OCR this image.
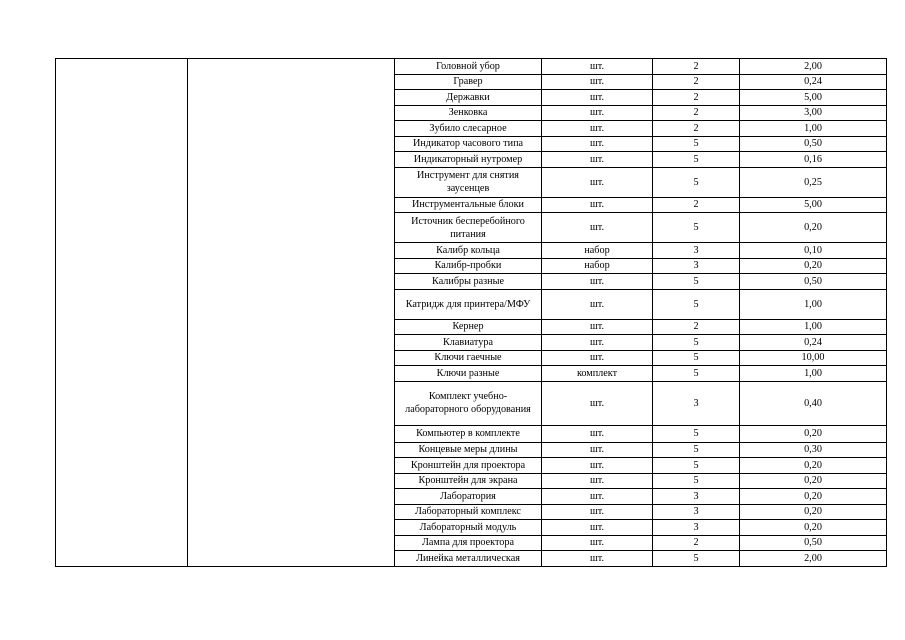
		Головной убор	шт.	2	2,00
		Гравер	шт.	2	0,24
		Державки	шт.	2	5,00
		Зенковка	шт.	2	3,00
		Зубило слесарное	шт.	2	1,00
		Индикатор часового типа	шт.	5	0,50
		Индикаторный нутромер	шт.	5	0,16
		Инструмент для снятия заусенцев	шт.	5	0,25
		Инструментальные блоки	шт.	2	5,00
		Источник бесперебойного питания	шт.	5	0,20
		Калибр кольца	набор	3	0,10
		Калибр-пробки	набор	3	0,20
		Калибры разные	шт.	5	0,50
		Катридж для принтера/МФУ	шт.	5	1,00
		Кернер	шт.	2	1,00
		Клавиатура	шт.	5	0,24
		Ключи гаечные	шт.	5	10,00
		Ключи разные	комплект	5	1,00
		Комплект учебно-лабораторного оборудования	шт.	3	0,40
		Компьютер в комплекте	шт.	5	0,20
		Концевые меры длины	шт.	5	0,30
		Кронштейн для проектора	шт.	5	0,20
		Кронштейн для экрана	шт.	5	0,20
		Лаборатория	шт.	3	0,20
		Лабораторный комплекс	шт.	3	0,20
		Лабораторный модуль	шт.	3	0,20
		Лампа для проектора	шт.	2	0,50
		Линейка металлическая	шт.	5	2,00
